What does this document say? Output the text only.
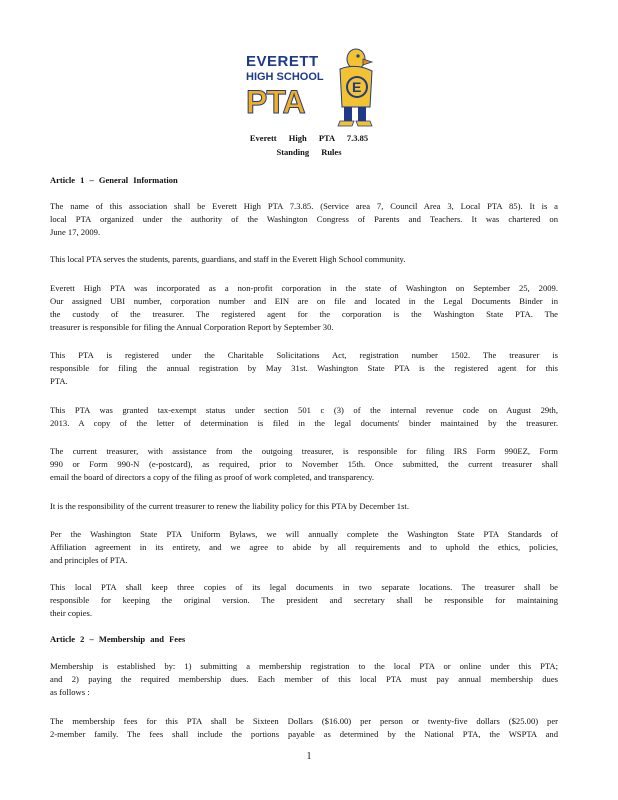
EVERETT
HIGH SCHOOL
PTA	E
Everett High PTA 7.3.85
Standing Rules
Article 1 – General Information
The name of this association shall be Everett High PTA 7.3.85. (Service area 7, Council Area 3, Local PTA 85). It is a
local PTA organized under the authority of the Washington Congress of Parents and Teachers. It was chartered on
June 17, 2009.
This local PTA serves the students, parents, guardians, and staff in the Everett High School community.
Everett High PTA was incorporated as a non-profit corporation in the state of Washington on September 25, 2009.
Our assigned UBI number, corporation number and EIN are on file and located in the Legal Documents Binder in
the custody of the treasurer. The registered agent for the corporation is the Washington State PTA. The
treasurer is responsible for filing the Annual Corporation Report by September 30.
This PTA is registered under the Charitable Solicitations Act, registration number 1502. The treasurer is
responsible for filing the annual registration by May 31st. Washington State PTA is the registered agent for this
PTA.
This PTA was granted tax-exempt status under section 501 c (3) of the internal revenue code on August 29th,
2013. A copy of the letter of determination is filed in the legal documents' binder maintained by the treasurer.
The current treasurer, with assistance from the outgoing treasurer, is responsible for filing IRS Form 990EZ, Form
990 or Form 990-N (e-postcard), as required, prior to November 15th. Once submitted, the current treasurer shall
email the board of directors a copy of the filing as proof of work completed, and transparency.
It is the responsibility of the current treasurer to renew the liability policy for this PTA by December 1st.
Per the Washington State PTA Uniform Bylaws, we will annually complete the Washington State PTA Standards of
Affiliation agreement in its entirety, and we agree to abide by all requirements and to uphold the ethics, policies,
and principles of PTA.
This local PTA shall keep three copies of its legal documents in two separate locations. The treasurer shall be
responsible for keeping the original version. The president and secretary shall be responsible for maintaining
their copies.
Article 2 – Membership and Fees
Membership is established by: 1) submitting a membership registration to the local PTA or online under this PTA;
and 2) paying the required membership dues. Each member of this local PTA must pay annual membership dues
as follows :
The membership fees for this PTA shall be Sixteen Dollars ($16.00) per person or twenty-five dollars ($25.00) per
2-member family. The fees shall include the portions payable as determined by the National PTA, the WSPTA and
1
